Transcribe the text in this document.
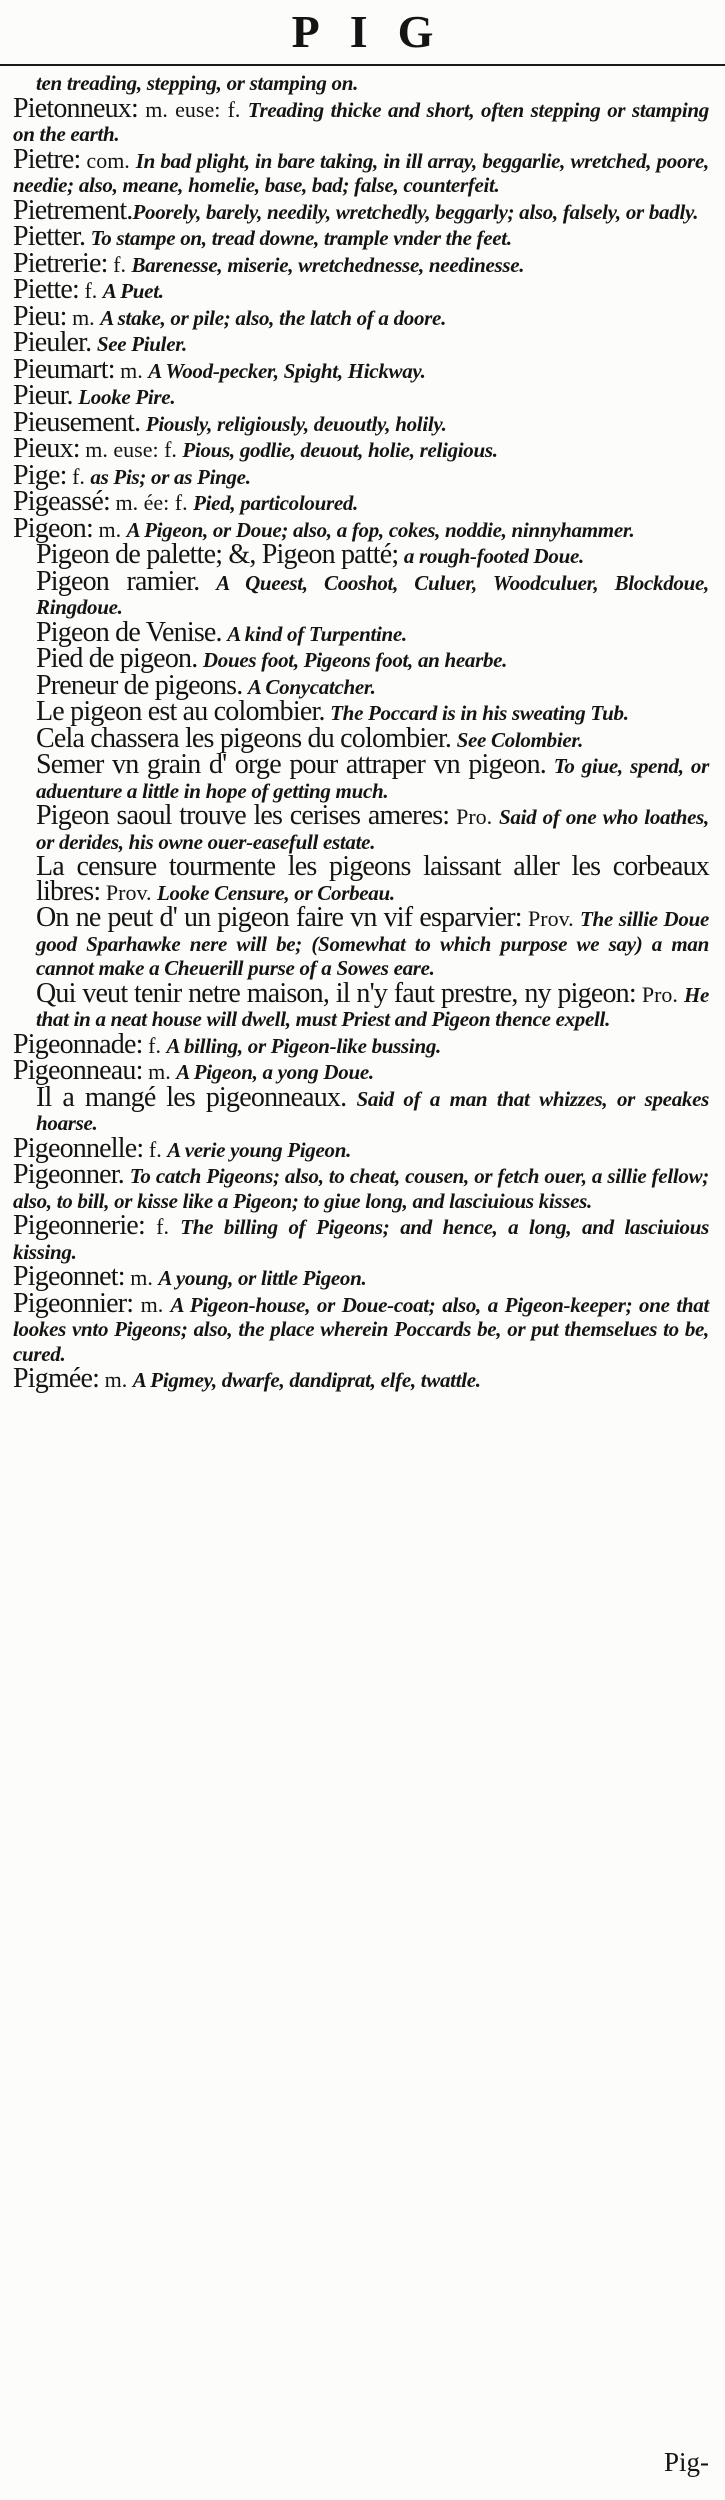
PIG
ten treading, stepping, or stamping on.
Pietonneux: m. euse: f. Treading thicke and short, often stepping or stamping on the earth.
Pietre: com. In bad plight, in bare taking, in ill array, beggarlie, wretched, poore, needie; also, meane, homelie, base, bad; false, counterfeit.
Pietrement.Poorely, barely, needily, wretchedly, beggarly; also, falsely, or badly.
Pietter. To stampe on, tread downe, trample vnder the feet.
Pietrerie: f. Barenesse, miserie, wretchednesse, needinesse.
Piette: f. A Puet.
Pieu: m. A stake, or pile; also, the latch of a doore.
Pieuler. See Piuler.
Pieumart: m. A Wood-pecker, Spight, Hickway.
Pieur. Looke Pire.
Pieusement. Piously, religiously, deuoutly, holily.
Pieux: m. euse: f. Pious, godlie, deuout, holie, religious.
Pige: f. as Pis; or as Pinge.
Pigeassé: m. ée: f. Pied, particoloured.
Pigeon: m. A Pigeon, or Doue; also, a fop, cokes, noddie, ninnyhammer.
Pigeon de palette; &, Pigeon patté; a rough-footed Doue.
Pigeon ramier. A Queest, Cooshot, Culuer, Woodculuer, Blockdoue, Ringdoue.
Pigeon de Venise. A kind of Turpentine.
Pied de pigeon. Doues foot, Pigeons foot, an hearbe.
Preneur de pigeons. A Conycatcher.
Le pigeon est au colombier. The Poccard is in his sweating Tub.
Cela chassera les pigeons du colombier. See Colombier.
Semer vn grain d' orge pour attraper vn pigeon. To giue, spend, or aduenture a little in hope of getting much.
Pigeon saoul trouve les cerises ameres: Pro. Said of one who loathes, or derides, his owne ouer-easefull estate.
La censure tourmente les pigeons laissant aller les corbeaux libres: Prov. Looke Censure, or Corbeau.
On ne peut d' un pigeon faire vn vif esparvier: Prov. The sillie Doue good Sparhawke nere will be; (Somewhat to which purpose we say) a man cannot make a Cheuerill purse of a Sowes eare.
Qui veut tenir netre maison, il n'y faut prestre, ny pigeon: Pro. He that in a neat house will dwell, must Priest and Pigeon thence expell.
Pigeonnade: f. A billing, or Pigeon-like bussing.
Pigeonneau: m. A Pigeon, a yong Doue.
Il a mangé les pigeonneaux. Said of a man that whizzes, or speakes hoarse.
Pigeonnelle: f. A verie young Pigeon.
Pigeonner. To catch Pigeons; also, to cheat, cousen, or fetch ouer, a sillie fellow; also, to bill, or kisse like a Pigeon; to giue long, and lasciuious kisses.
Pigeonnerie: f. The billing of Pigeons; and hence, a long, and lasciuious kissing.
Pigeonnet: m. A young, or little Pigeon.
Pigeonnier: m. A Pigeon-house, or Doue-coat; also, a Pigeon-keeper; one that lookes vnto Pigeons; also, the place wherein Poccards be, or put themselues to be, cured.
Pigmée: m. A Pigmey, dwarfe, dandiprat, elfe, twattle.
Pig-
